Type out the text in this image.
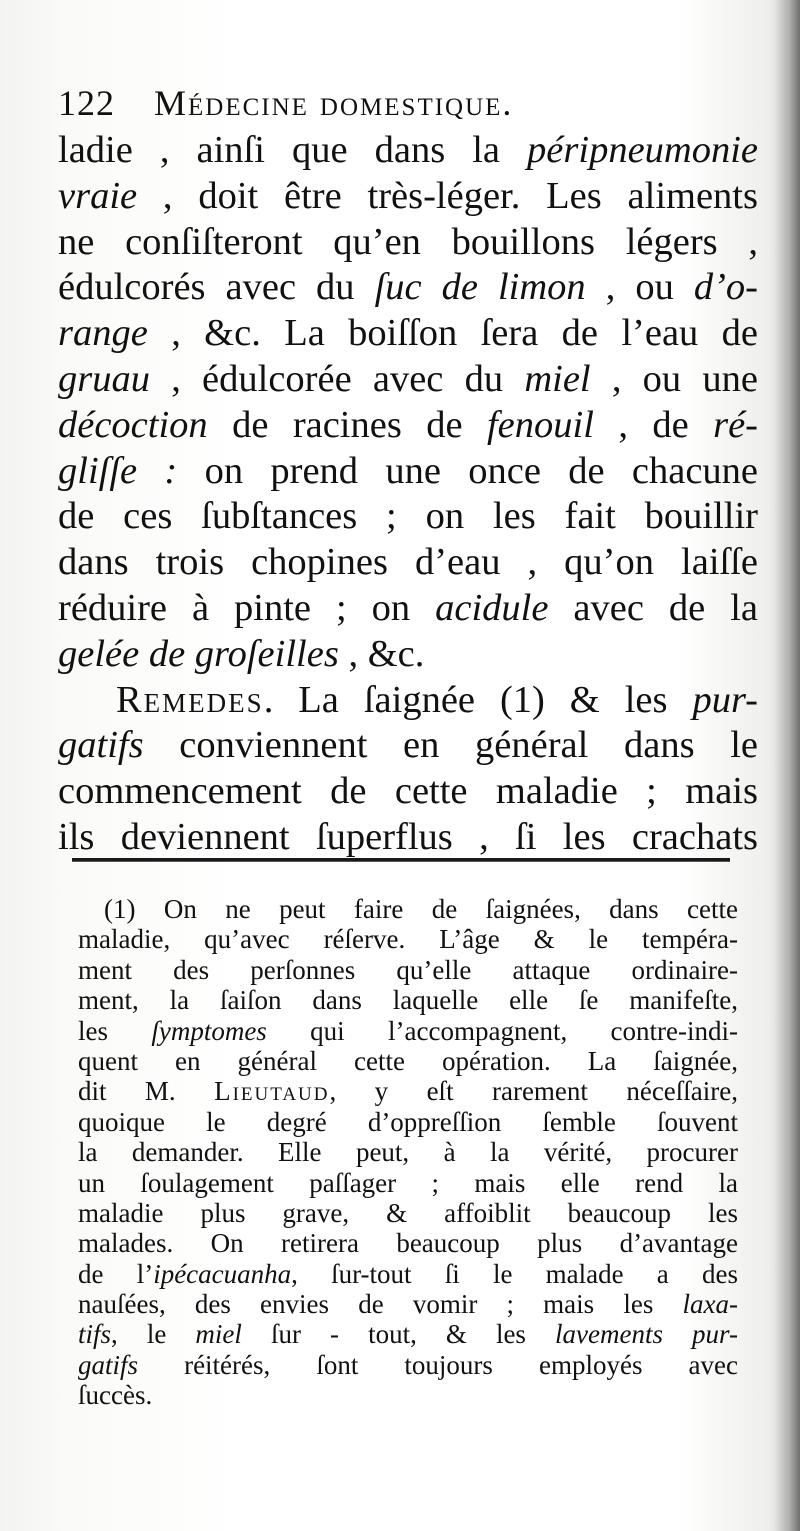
122 Médecine domestique.
ladie , ainſi que dans la péripneumonie
vraie , doit être très-léger. Les aliments
ne conſiſteront qu’en bouillons légers ,
édulcorés avec du ſuc de limon , ou d’o-
range , &c. La boiſſon ſera de l’eau de
gruau , édulcorée avec du miel , ou une
décoction de racines de fenouil , de ré-
gliſſe : on prend une once de chacune
de ces ſubſtances ; on les fait bouillir
dans trois chopines d’eau , qu’on laiſſe
réduire à pinte ; on acidule avec de la
gelée de groſeilles , &c.
Remedes. La ſaignée (1) & les pur-
gatifs conviennent en général dans le
commencement de cette maladie ; mais
ils deviennent ſuperflus , ſi les crachats
(1) On ne peut faire de ſaignées, dans cette
maladie, qu’avec réſerve. L’âge & le tempéra-
ment des perſonnes qu’elle attaque ordinaire-
ment, la ſaiſon dans laquelle elle ſe manifeſte,
les ſymptomes qui l’accompagnent, contre-indi-
quent en général cette opération. La ſaignée,
dit M. Lieutaud, y eſt rarement néceſſaire,
quoique le degré d’oppreſſion ſemble ſouvent
la demander. Elle peut, à la vérité, procurer
un ſoulagement paſſager ; mais elle rend la
maladie plus grave, & affoiblit beaucoup les
malades. On retirera beaucoup plus d’avantage
de l’ipécacuanha, ſur-tout ſi le malade a des
nauſées, des envies de vomir ; mais les laxa-
tifs, le miel ſur - tout, & les lavements pur-
gatifs réitérés, ſont toujours employés avec
ſuccès.
